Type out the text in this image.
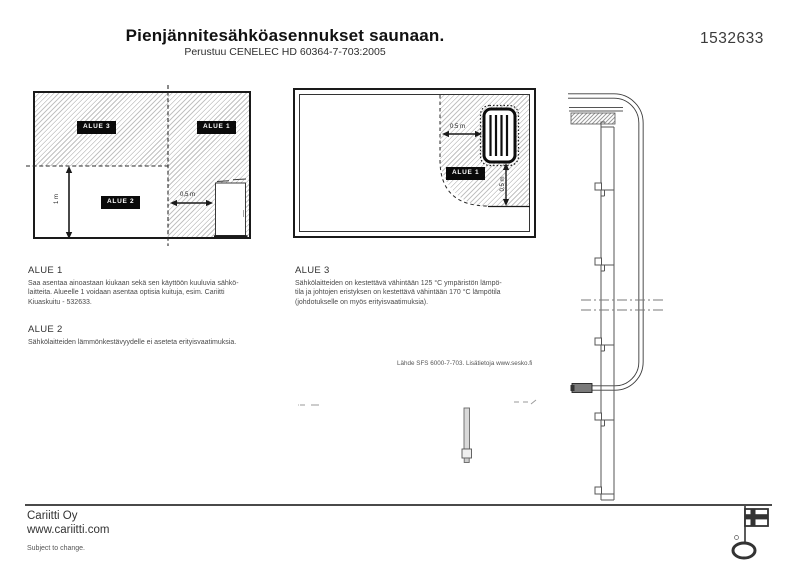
Pienjännitesähköasennukset saunaan.
Perustuu CENELEC HD 60364-7-703:2005
1532633
ALUE 3	ALUE 1
ALUE 2
1 m	0,5 m
ALUE 1
0.5 m
0.5 m
ALUE 1
Saa asentaa ainoastaan kiukaan sekä sen käyttöön kuuluvia sähkö-
laitteita. Alueelle 1 voidaan asentaa optisia kuituja, esim. Cariitti
Kiuaskuitu - 532633.
ALUE 2
Sähkölaitteiden lämmönkestävyydelle ei aseteta erityisvaatimuksia.
ALUE 3
Sähkölaitteiden on kestettävä vähintään 125 °C ympäristön lämpö-
tila ja johtojen eristyksen on kestettävä vähintään 170 °C lämpötila
(johdotukselle on myös erityisvaatimuksia).
Lähde SFS 6000-7-703. Lisätietoja www.sesko.fi
Cariitti Oy
www.cariitti.com
Subject to change.
